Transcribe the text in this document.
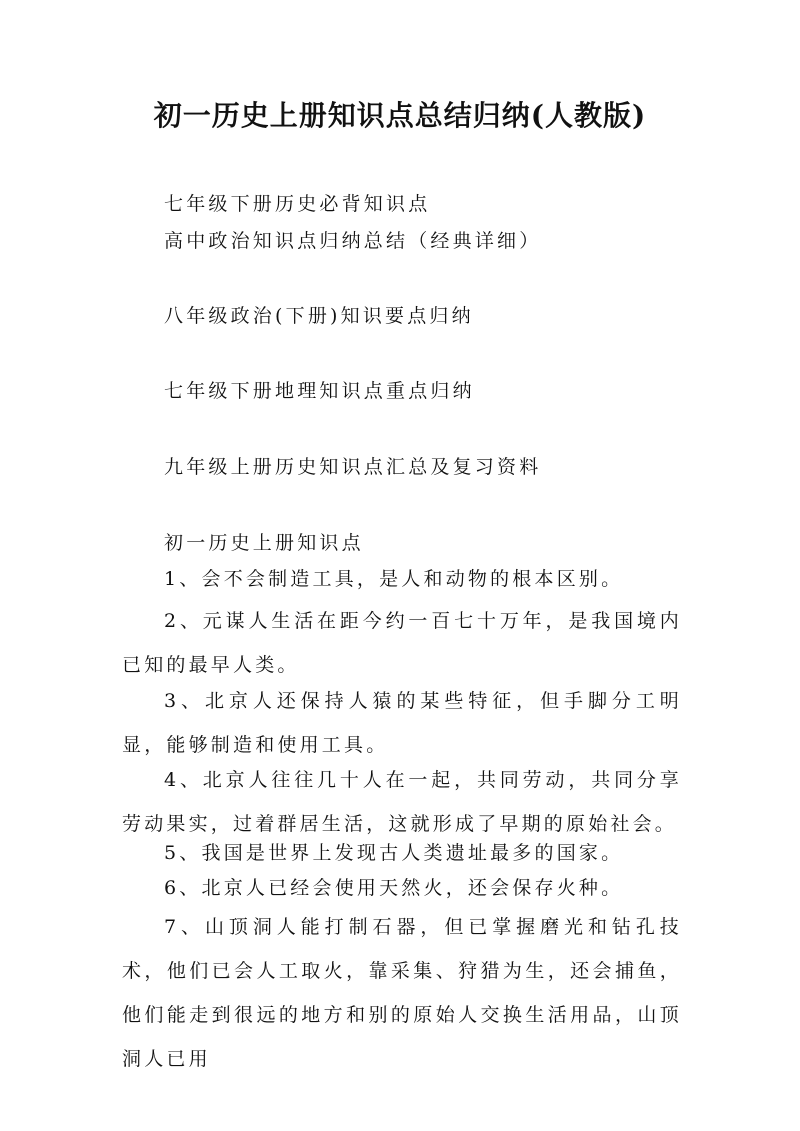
初一历史上册知识点总结归纳(人教版)
七年级下册历史必背知识点
高中政治知识点归纳总结（经典详细）
八年级政治(下册)知识要点归纳
七年级下册地理知识点重点归纳
九年级上册历史知识点汇总及复习资料
初一历史上册知识点
1、会不会制造工具，是人和动物的根本区别。
2、元谋人生活在距今约一百七十万年，是我国境内已知的最早人类。
3、北京人还保持人猿的某些特征，但手脚分工明显，能够制造和使用工具。
4、北京人往往几十人在一起，共同劳动，共同分享劳动果实，过着群居生活，这就形成了早期的原始社会。
5、我国是世界上发现古人类遗址最多的国家。
6、北京人已经会使用天然火，还会保存火种。
7、山顶洞人能打制石器，但已掌握磨光和钻孔技术，他们已会人工取火，靠采集、狩猎为生，还会捕鱼，他们能走到很远的地方和别的原始人交换生活用品，山顶洞人已用
